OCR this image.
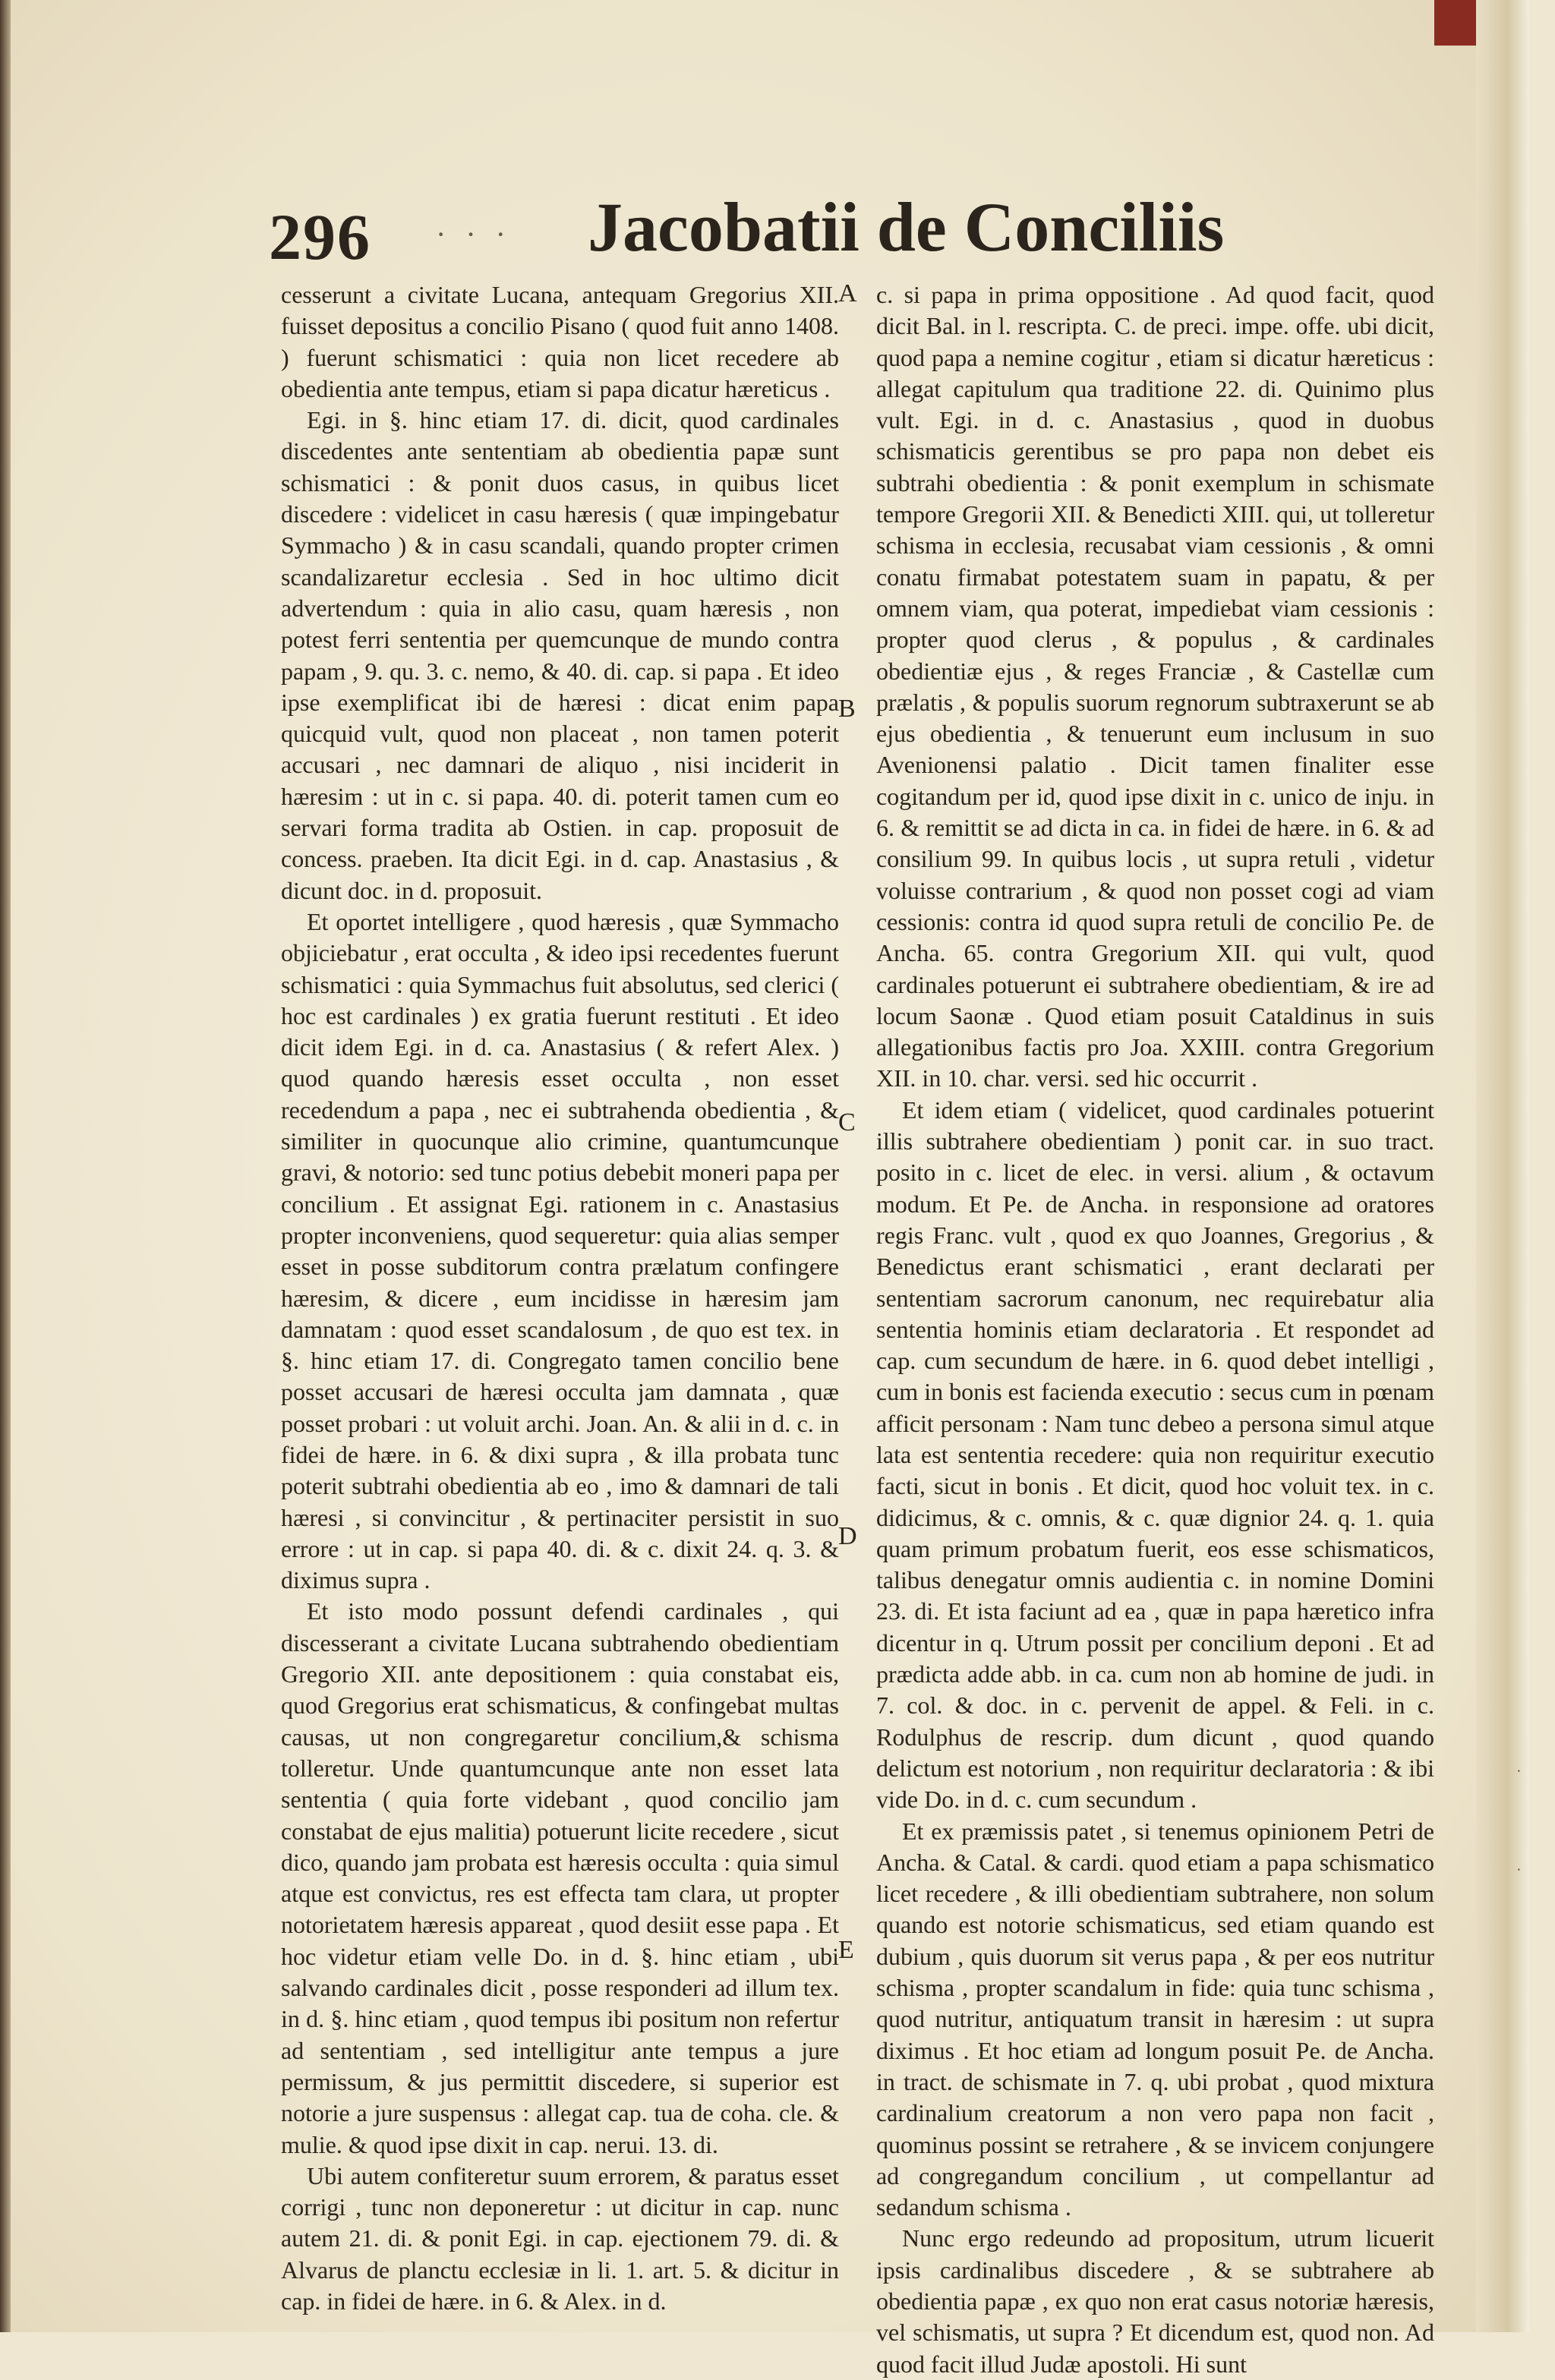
296 · · · Jacobatii de Conciliis

cesserunt a civitate Lucana, antequam Gregorius XII. fuisset depositus a concilio Pisano ( quod fuit anno 1408. ) fuerunt schismatici : quia non licet recedere ab obedientia ante tempus, etiam si papa dicatur hæreticus .

Egi. in §. hinc etiam 17. di. dicit, quod cardinales discedentes ante sententiam ab obedientia papæ sunt schismatici : & ponit duos casus, in quibus licet discedere : videlicet in casu hæresis ( quæ impingebatur Symmacho ) & in casu scandali, quando propter crimen scandalizaretur ecclesia . Sed in hoc ultimo dicit advertendum : quia in alio casu, quam hæresis , non potest ferri sententia per quemcunque de mundo contra papam , 9. qu. 3. c. nemo, & 40. di. cap. si papa . Et ideo ipse exemplificat ibi de hæresi : dicat enim papa quicquid vult, quod non placeat , non tamen poterit accusari , nec damnari de aliquo , nisi inciderit in hæresim : ut in c. si papa. 40. di. poterit tamen cum eo servari forma tradita ab Ostien. in cap. proposuit de concess. praeben. Ita dicit Egi. in d. cap. Anastasius , & dicunt doc. in d. proposuit.

Et oportet intelligere , quod hæresis , quæ Symmacho objiciebatur , erat occulta , & ideo ipsi recedentes fuerunt schismatici : quia Symmachus fuit absolutus, sed clerici ( hoc est cardinales ) ex gratia fuerunt restituti . Et ideo dicit idem Egi. in d. ca. Anastasius ( & refert Alex. ) quod quando hæresis esset occulta , non esset recedendum a papa , nec ei subtrahenda obedientia , & similiter in quocunque alio crimine, quantumcunque gravi, & notorio: sed tunc potius debebit moneri papa per concilium . Et assignat Egi. rationem in c. Anastasius propter inconveniens, quod sequeretur: quia alias semper esset in posse subditorum contra prælatum confingere hæresim, & dicere , eum incidisse in hæresim jam damnatam : quod esset scandalosum , de quo est tex. in §. hinc etiam 17. di. Congregato tamen concilio bene posset accusari de hæresi occulta jam damnata , quæ posset probari : ut voluit archi. Joan. An. & alii in d. c. in fidei de hære. in 6. & dixi supra , & illa probata tunc poterit subtrahi obedientia ab eo , imo & damnari de tali hæresi , si convincitur , & pertinaciter persistit in suo errore : ut in cap. si papa 40. di. & c. dixit 24. q. 3. & diximus supra .

Et isto modo possunt defendi cardinales , qui discesserant a civitate Lucana subtrahendo obedientiam Gregorio XII. ante depositionem : quia constabat eis, quod Gregorius erat schismaticus, & confingebat multas causas, ut non congregaretur concilium,& schisma tolleretur. Unde quantumcunque ante non esset lata sententia ( quia forte videbant , quod concilio jam constabat de ejus malitia) potuerunt licite recedere , sicut dico, quando jam probata est hæresis occulta : quia simul atque est convictus, res est effecta tam clara, ut propter notorietatem hæresis appareat , quod desiit esse papa . Et hoc videtur etiam velle Do. in d. §. hinc etiam , ubi salvando cardinales dicit , posse responderi ad illum tex. in d. §. hinc etiam , quod tempus ibi positum non refertur ad sententiam , sed intelligitur ante tempus a jure permissum, & jus permittit discedere, si superior est notorie a jure suspensus : allegat cap. tua de coha. cle. & mulie. & quod ipse dixit in cap. nerui. 13. di.

Ubi autem confiteretur suum errorem, & paratus esset corrigi , tunc non deponeretur : ut dicitur in cap. nunc autem 21. di. & ponit Egi. in cap. ejectionem 79. di. & Alvarus de planctu ecclesiæ in li. 1. art. 5. & dicitur in cap. in fidei de hære. in 6. & Alex. in d.

A
B
C
D
E

c. si papa in prima oppositione . Ad quod facit, quod dicit Bal. in l. rescripta. C. de preci. impe. offe. ubi dicit, quod papa a nemine cogitur , etiam si dicatur hæreticus : allegat capitulum qua traditione 22. di. Quinimo plus vult. Egi. in d. c. Anastasius , quod in duobus schismaticis gerentibus se pro papa non debet eis subtrahi obedientia : & ponit exemplum in schismate tempore Gregorii XII. & Benedicti XIII. qui, ut tolleretur schisma in ecclesia, recusabat viam cessionis , & omni conatu firmabat potestatem suam in papatu, & per omnem viam, qua poterat, impediebat viam cessionis : propter quod clerus , & populus , & cardinales obedientiæ ejus , & reges Franciæ , & Castellæ cum prælatis , & populis suorum regnorum subtraxerunt se ab ejus obedientia , & tenuerunt eum inclusum in suo Avenionensi palatio . Dicit tamen finaliter esse cogitandum per id, quod ipse dixit in c. unico de inju. in 6. & remittit se ad dicta in ca. in fidei de hære. in 6. & ad consilium 99. In quibus locis , ut supra retuli , videtur voluisse contrarium , & quod non posset cogi ad viam cessionis: contra id quod supra retuli de concilio Pe. de Ancha. 65. contra Gregorium XII. qui vult, quod cardinales potuerunt ei subtrahere obedientiam, & ire ad locum Saonæ . Quod etiam posuit Cataldinus in suis allegationibus factis pro Joa. XXIII. contra Gregorium XII. in 10. char. versi. sed hic occurrit .

Et idem etiam ( videlicet, quod cardinales potuerint illis subtrahere obedientiam ) ponit car. in suo tract. posito in c. licet de elec. in versi. alium , & octavum modum. Et Pe. de Ancha. in responsione ad oratores regis Franc. vult , quod ex quo Joannes, Gregorius , & Benedictus erant schismatici , erant declarati per sententiam sacrorum canonum, nec requirebatur alia sententia hominis etiam declaratoria . Et respondet ad cap. cum secundum de hære. in 6. quod debet intelligi , cum in bonis est facienda executio : secus cum in pœnam afficit personam : Nam tunc debeo a persona simul atque lata est sententia recedere: quia non requiritur executio facti, sicut in bonis . Et dicit, quod hoc voluit tex. in c. didicimus, & c. omnis, & c. quæ dignior 24. q. 1. quia quam primum probatum fuerit, eos esse schismaticos, talibus denegatur omnis audientia c. in nomine Domini 23. di. Et ista faciunt ad ea , quæ in papa hæretico infra dicentur in q. Utrum possit per concilium deponi . Et ad prædicta adde abb. in ca. cum non ab homine de judi. in 7. col. & doc. in c. pervenit de appel. & Feli. in c. Rodulphus de rescrip. dum dicunt , quod quando delictum est notorium , non requiritur declaratoria : & ibi vide Do. in d. c. cum secundum .

Et ex præmissis patet , si tenemus opinionem Petri de Ancha. & Catal. & cardi. quod etiam a papa schismatico licet recedere , & illi obedientiam subtrahere, non solum quando est notorie schismaticus, sed etiam quando est dubium , quis duorum sit verus papa , & per eos nutritur schisma , propter scandalum in fide: quia tunc schisma , quod nutritur, antiquatum transit in hæresim : ut supra diximus . Et hoc etiam ad longum posuit Pe. de Ancha. in tract. de schismate in 7. q. ubi probat , quod mixtura cardinalium creatorum a non vero papa non facit , quominus possint se retrahere , & se invicem conjungere ad congregandum concilium , ut compellantur ad sedandum schisma .

Nunc ergo redeundo ad propositum, utrum licuerit ipsis cardinalibus discedere , & se subtrahere ab obedientia papæ , ex quo non erat casus notoriæ hæresis, vel schismatis, ut supra ? Et dicendum est, quod non. Ad quod facit illud Judæ apostoli. Hi sunt

·
·
